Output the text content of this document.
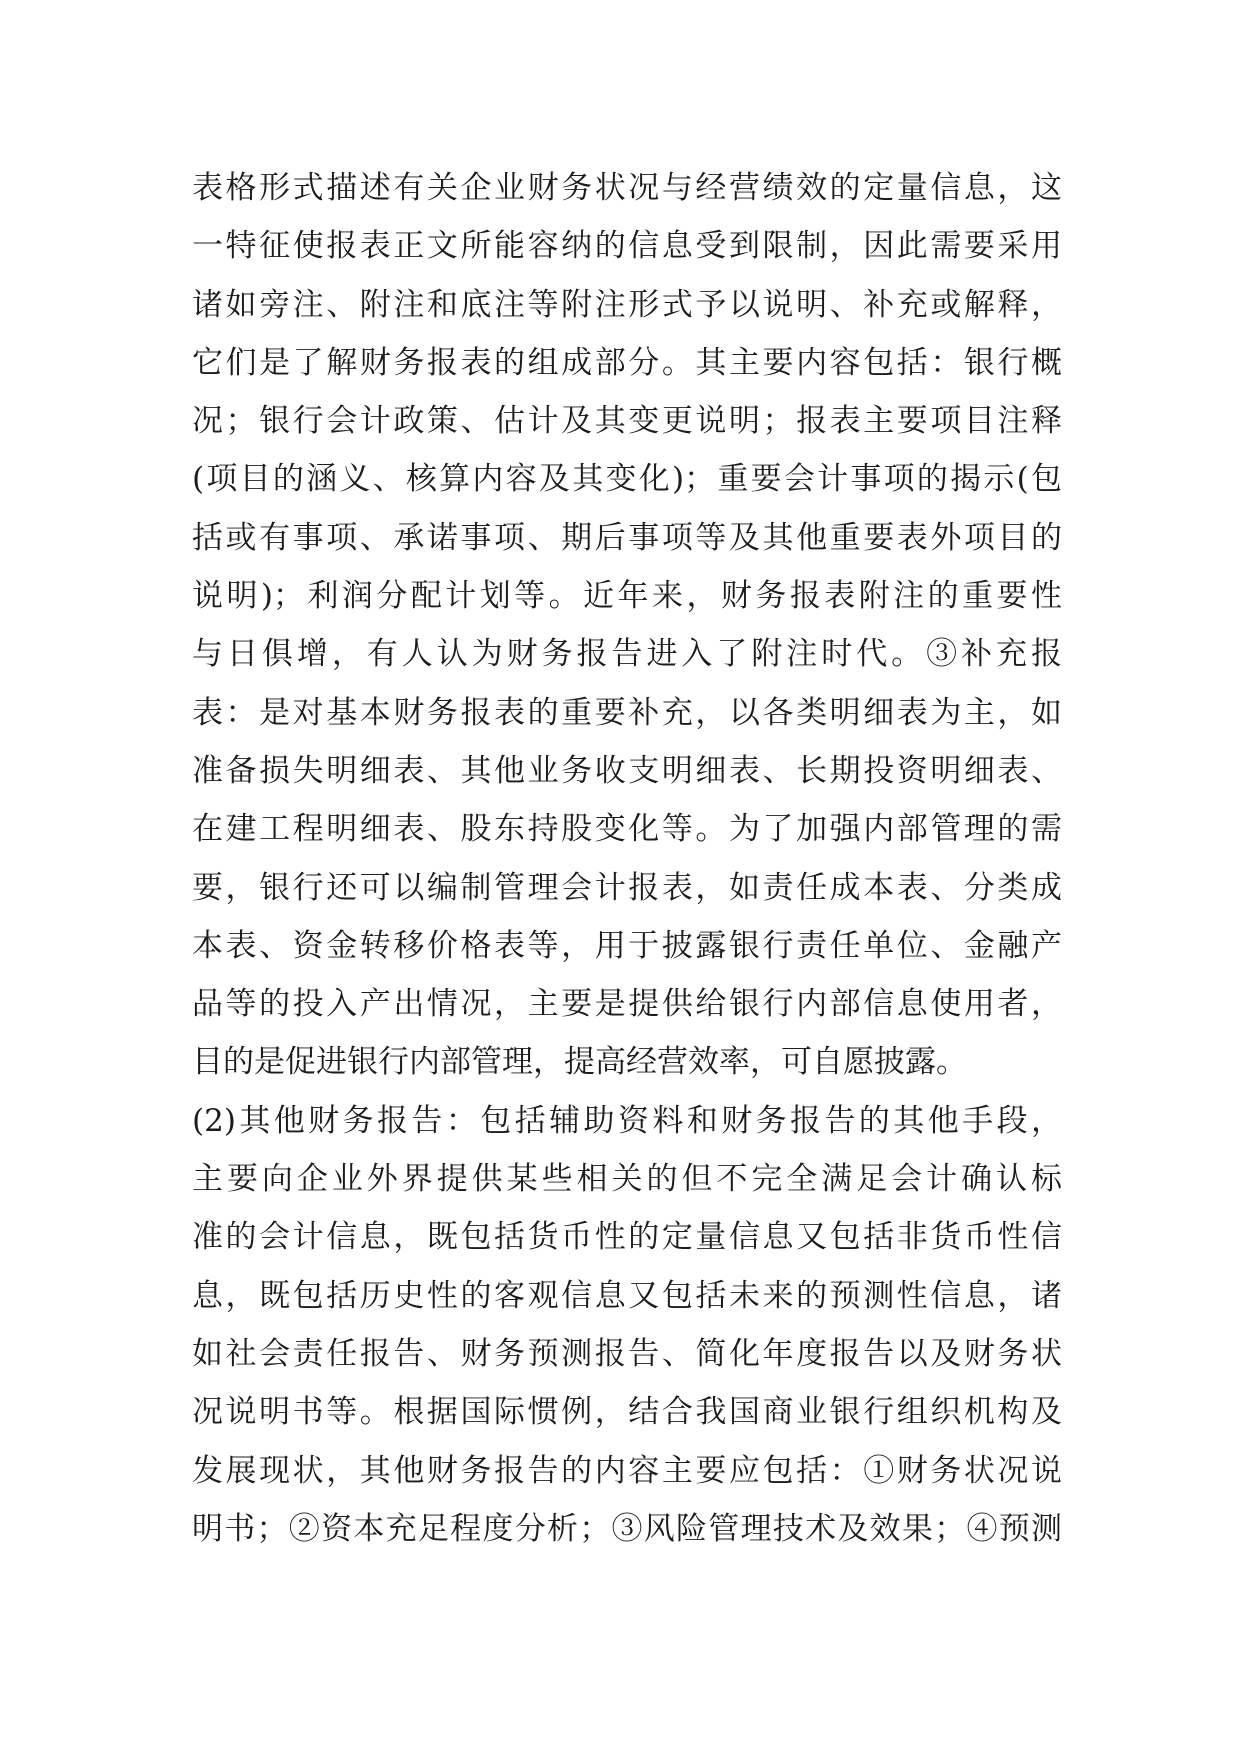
表格形式描述有关企业财务状况与经营绩效的定量信息，这
一特征使报表正文所能容纳的信息受到限制，因此需要采用
诸如旁注、附注和底注等附注形式予以说明、补充或解释，
它们是了解财务报表的组成部分。其主要内容包括：银行概
况；银行会计政策、估计及其变更说明；报表主要项目注释
(项目的涵义、核算内容及其变化)；重要会计事项的揭示(包
括或有事项、承诺事项、期后事项等及其他重要表外项目的
说明)；利润分配计划等。近年来，财务报表附注的重要性
与日俱增，有人认为财务报告进入了附注时代。③补充报
表：是对基本财务报表的重要补充，以各类明细表为主，如
准备损失明细表、其他业务收支明细表、长期投资明细表、
在建工程明细表、股东持股变化等。为了加强内部管理的需
要，银行还可以编制管理会计报表，如责任成本表、分类成
本表、资金转移价格表等，用于披露银行责任单位、金融产
品等的投入产出情况，主要是提供给银行内部信息使用者，
目的是促进银行内部管理，提高经营效率，可自愿披露。
(2)其他财务报告：包括辅助资料和财务报告的其他手段，
主要向企业外界提供某些相关的但不完全满足会计确认标
准的会计信息，既包括货币性的定量信息又包括非货币性信
息，既包括历史性的客观信息又包括未来的预测性信息，诸
如社会责任报告、财务预测报告、简化年度报告以及财务状
况说明书等。根据国际惯例，结合我国商业银行组织机构及
发展现状，其他财务报告的内容主要应包括：①财务状况说
明书；②资本充足程度分析；③风险管理技术及效果；④预测
